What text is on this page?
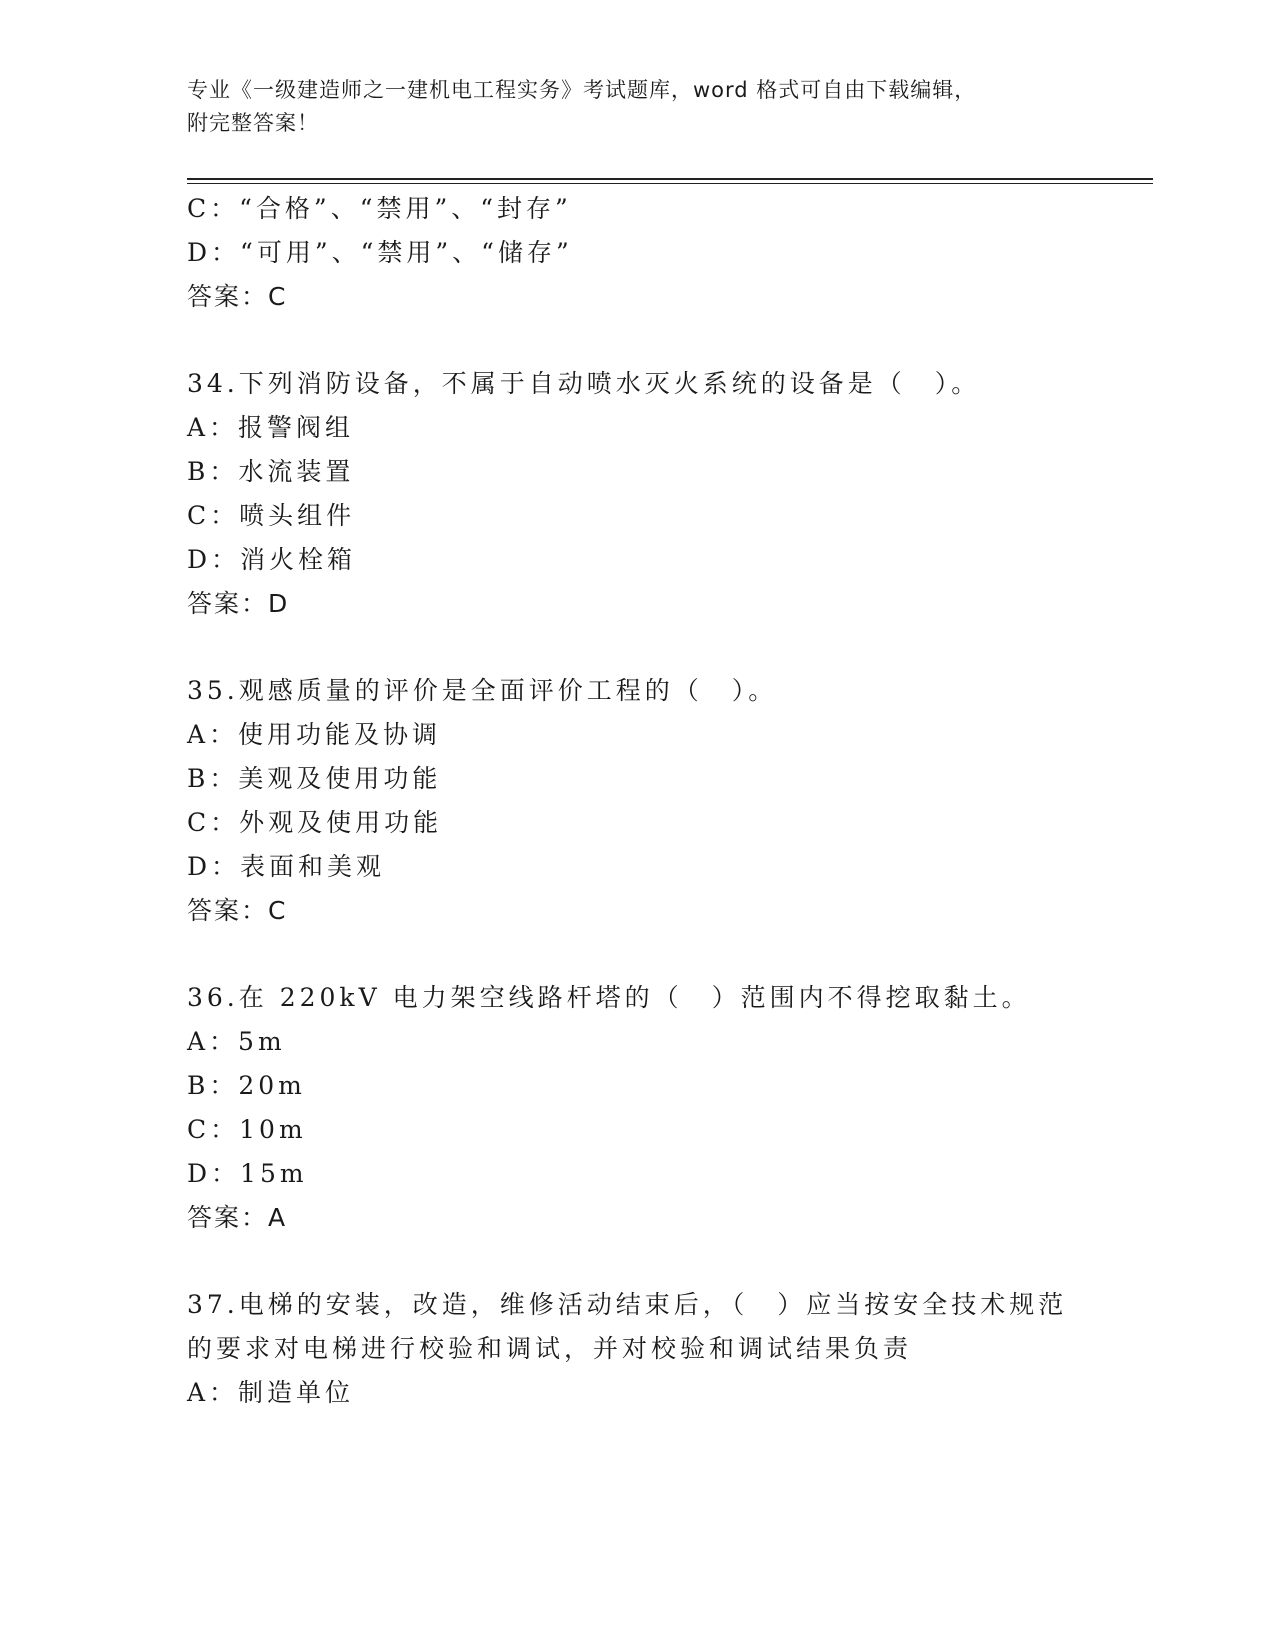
专业《一级建造师之一建机电工程实务》考试题库，word 格式可自由下载编辑，
附完整答案！
C：“合格”、“禁用”、“封存”
D：“可用”、“禁用”、“储存”
答案：C
34.下列消防设备，不属于自动喷水灭火系统的设备是（　）。
A：报警阀组
B：水流装置
C：喷头组件
D：消火栓箱
答案：D
35.观感质量的评价是全面评价工程的（　）。
A：使用功能及协调
B：美观及使用功能
C：外观及使用功能
D：表面和美观
答案：C
36.在 220kV 电力架空线路杆塔的（　）范围内不得挖取黏土。
A：5m
B：20m
C：10m
D：15m
答案：A
37.电梯的安装，改造，维修活动结束后，（　）应当按安全技术规范
的要求对电梯进行校验和调试，并对校验和调试结果负责
A：制造单位
